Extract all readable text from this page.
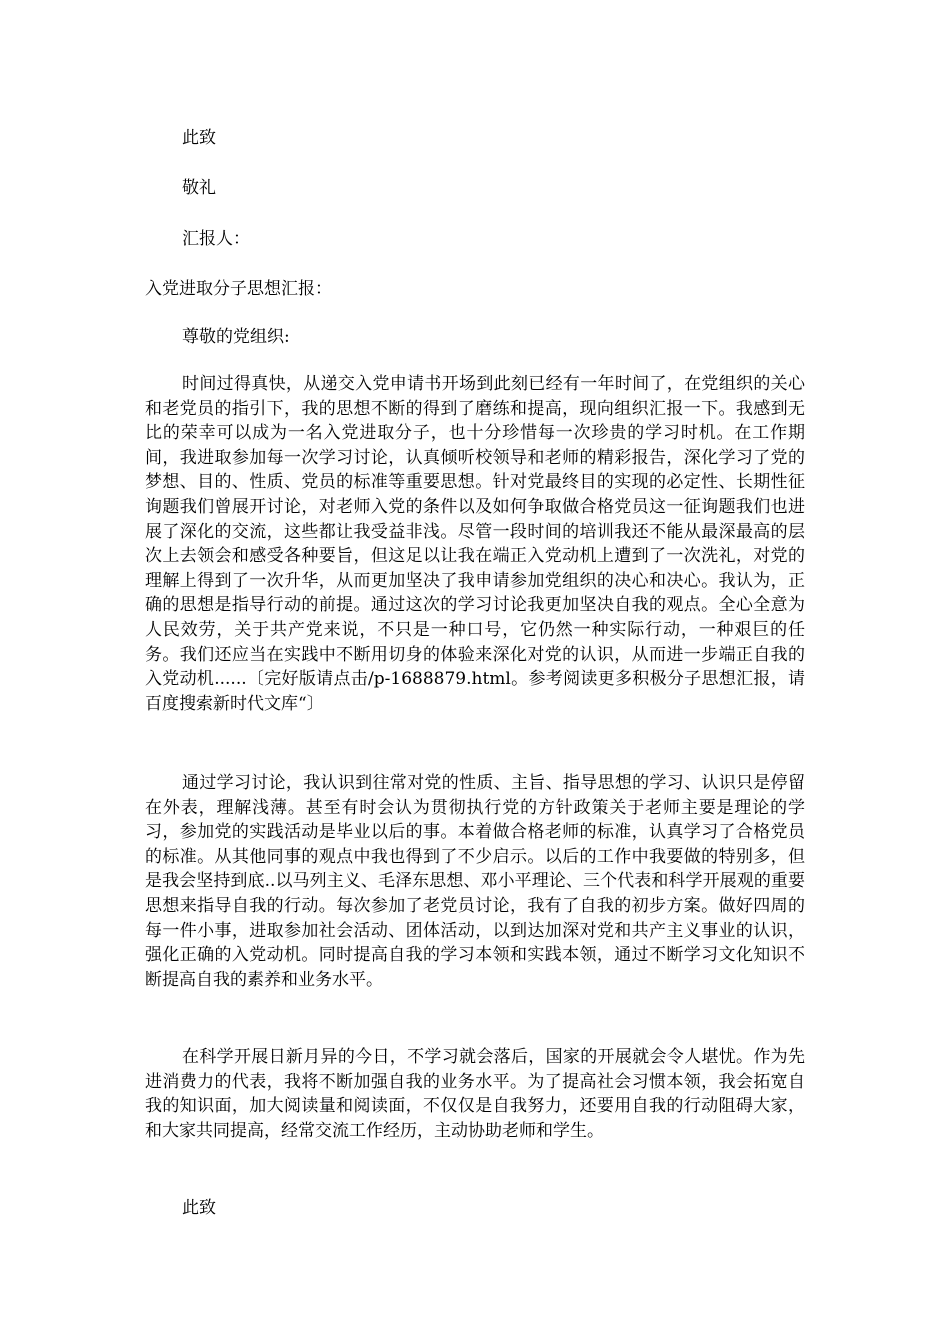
此致
敬礼
汇报人：
入党进取分子思想汇报：
尊敬的党组织:
时间过得真快，从递交入党申请书开场到此刻已经有一年时间了，在党组织的关心和老党员的指引下，我的思想不断的得到了磨练和提高，现向组织汇报一下。我感到无比的荣幸可以成为一名入党进取分子，也十分珍惜每一次珍贵的学习时机。在工作期间，我进取参加每一次学习讨论，认真倾听校领导和老师的精彩报告，深化学习了党的梦想、目的、性质、党员的标准等重要思想。针对党最终目的实现的必定性、长期性征询题我们曾展开讨论，对老师入党的条件以及如何争取做合格党员这一征询题我们也进展了深化的交流，这些都让我受益非浅。尽管一段时间的培训我还不能从最深最高的层次上去领会和感受各种要旨，但这足以让我在端正入党动机上遭到了一次洗礼，对党的理解上得到了一次升华，从而更加坚决了我申请参加党组织的决心和决心。我认为，正确的思想是指导行动的前提。通过这次的学习讨论我更加坚决自我的观点。全心全意为人民效劳，关于共产党来说，不只是一种口号，它仍然一种实际行动，一种艰巨的任务。我们还应当在实践中不断用切身的体验来深化对党的认识，从而进一步端正自我的入党动机......〔完好版请点击/p-1688879.html。参考阅读更多积极分子思想汇报，请百度搜索新时代文库“〕
通过学习讨论，我认识到往常对党的性质、主旨、指导思想的学习、认识只是停留在外表，理解浅薄。甚至有时会认为贯彻执行党的方针政策关于老师主要是理论的学习，参加党的实践活动是毕业以后的事。本着做合格老师的标准，认真学习了合格党员的标准。从其他同事的观点中我也得到了不少启示。以后的工作中我要做的特别多，但是我会坚持到底..以马列主义、毛泽东思想、邓小平理论、三个代表和科学开展观的重要思想来指导自我的行动。每次参加了老党员讨论，我有了自我的初步方案。做好四周的每一件小事，进取参加社会活动、团体活动，以到达加深对党和共产主义事业的认识，强化正确的入党动机。同时提高自我的学习本领和实践本领，通过不断学习文化知识不断提高自我的素养和业务水平。
在科学开展日新月异的今日，不学习就会落后，国家的开展就会令人堪忧。作为先进消费力的代表，我将不断加强自我的业务水平。为了提高社会习惯本领，我会拓宽自我的知识面，加大阅读量和阅读面，不仅仅是自我努力，还要用自我的行动阻碍大家，和大家共同提高，经常交流工作经历，主动协助老师和学生。
此致
